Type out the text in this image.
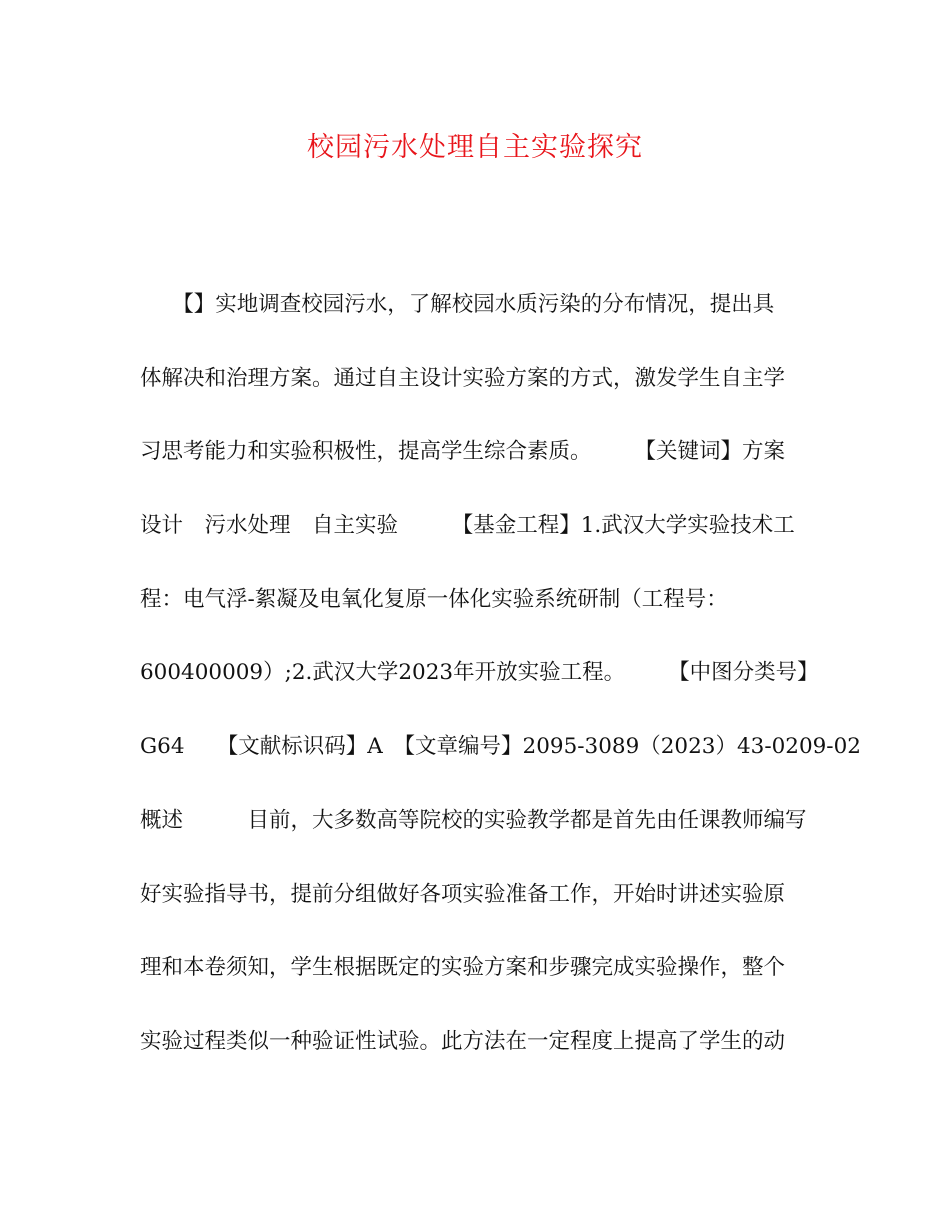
校园污水处理自主实验探究
　　【】实地调查校园污水，了解校园水质污染的分布情况，提出具
体解决和治理方案。通过自主设计实验方案的方式，激发学生自主学
习思考能力和实验积极性，提高学生综合素质。　　　【关键词】方案
设计　污水处理　自主实验　　　【基金工程】1.武汉大学实验技术工
程：电气浮-絮凝及电氧化复原一体化实验系统研制（工程号：
600400009）;2.武汉大学2023年开放实验工程。　　　【中图分类号】
G64　　【文献标识码】A　【文章编号】2095-3089（2023）43-0209-02
概述　　　目前，大多数高等院校的实验教学都是首先由任课教师编写
好实验指导书，提前分组做好各项实验准备工作，开始时讲述实验原
理和本卷须知，学生根据既定的实验方案和步骤完成实验操作，整个
实验过程类似一种验证性试验。此方法在一定程度上提高了学生的动
